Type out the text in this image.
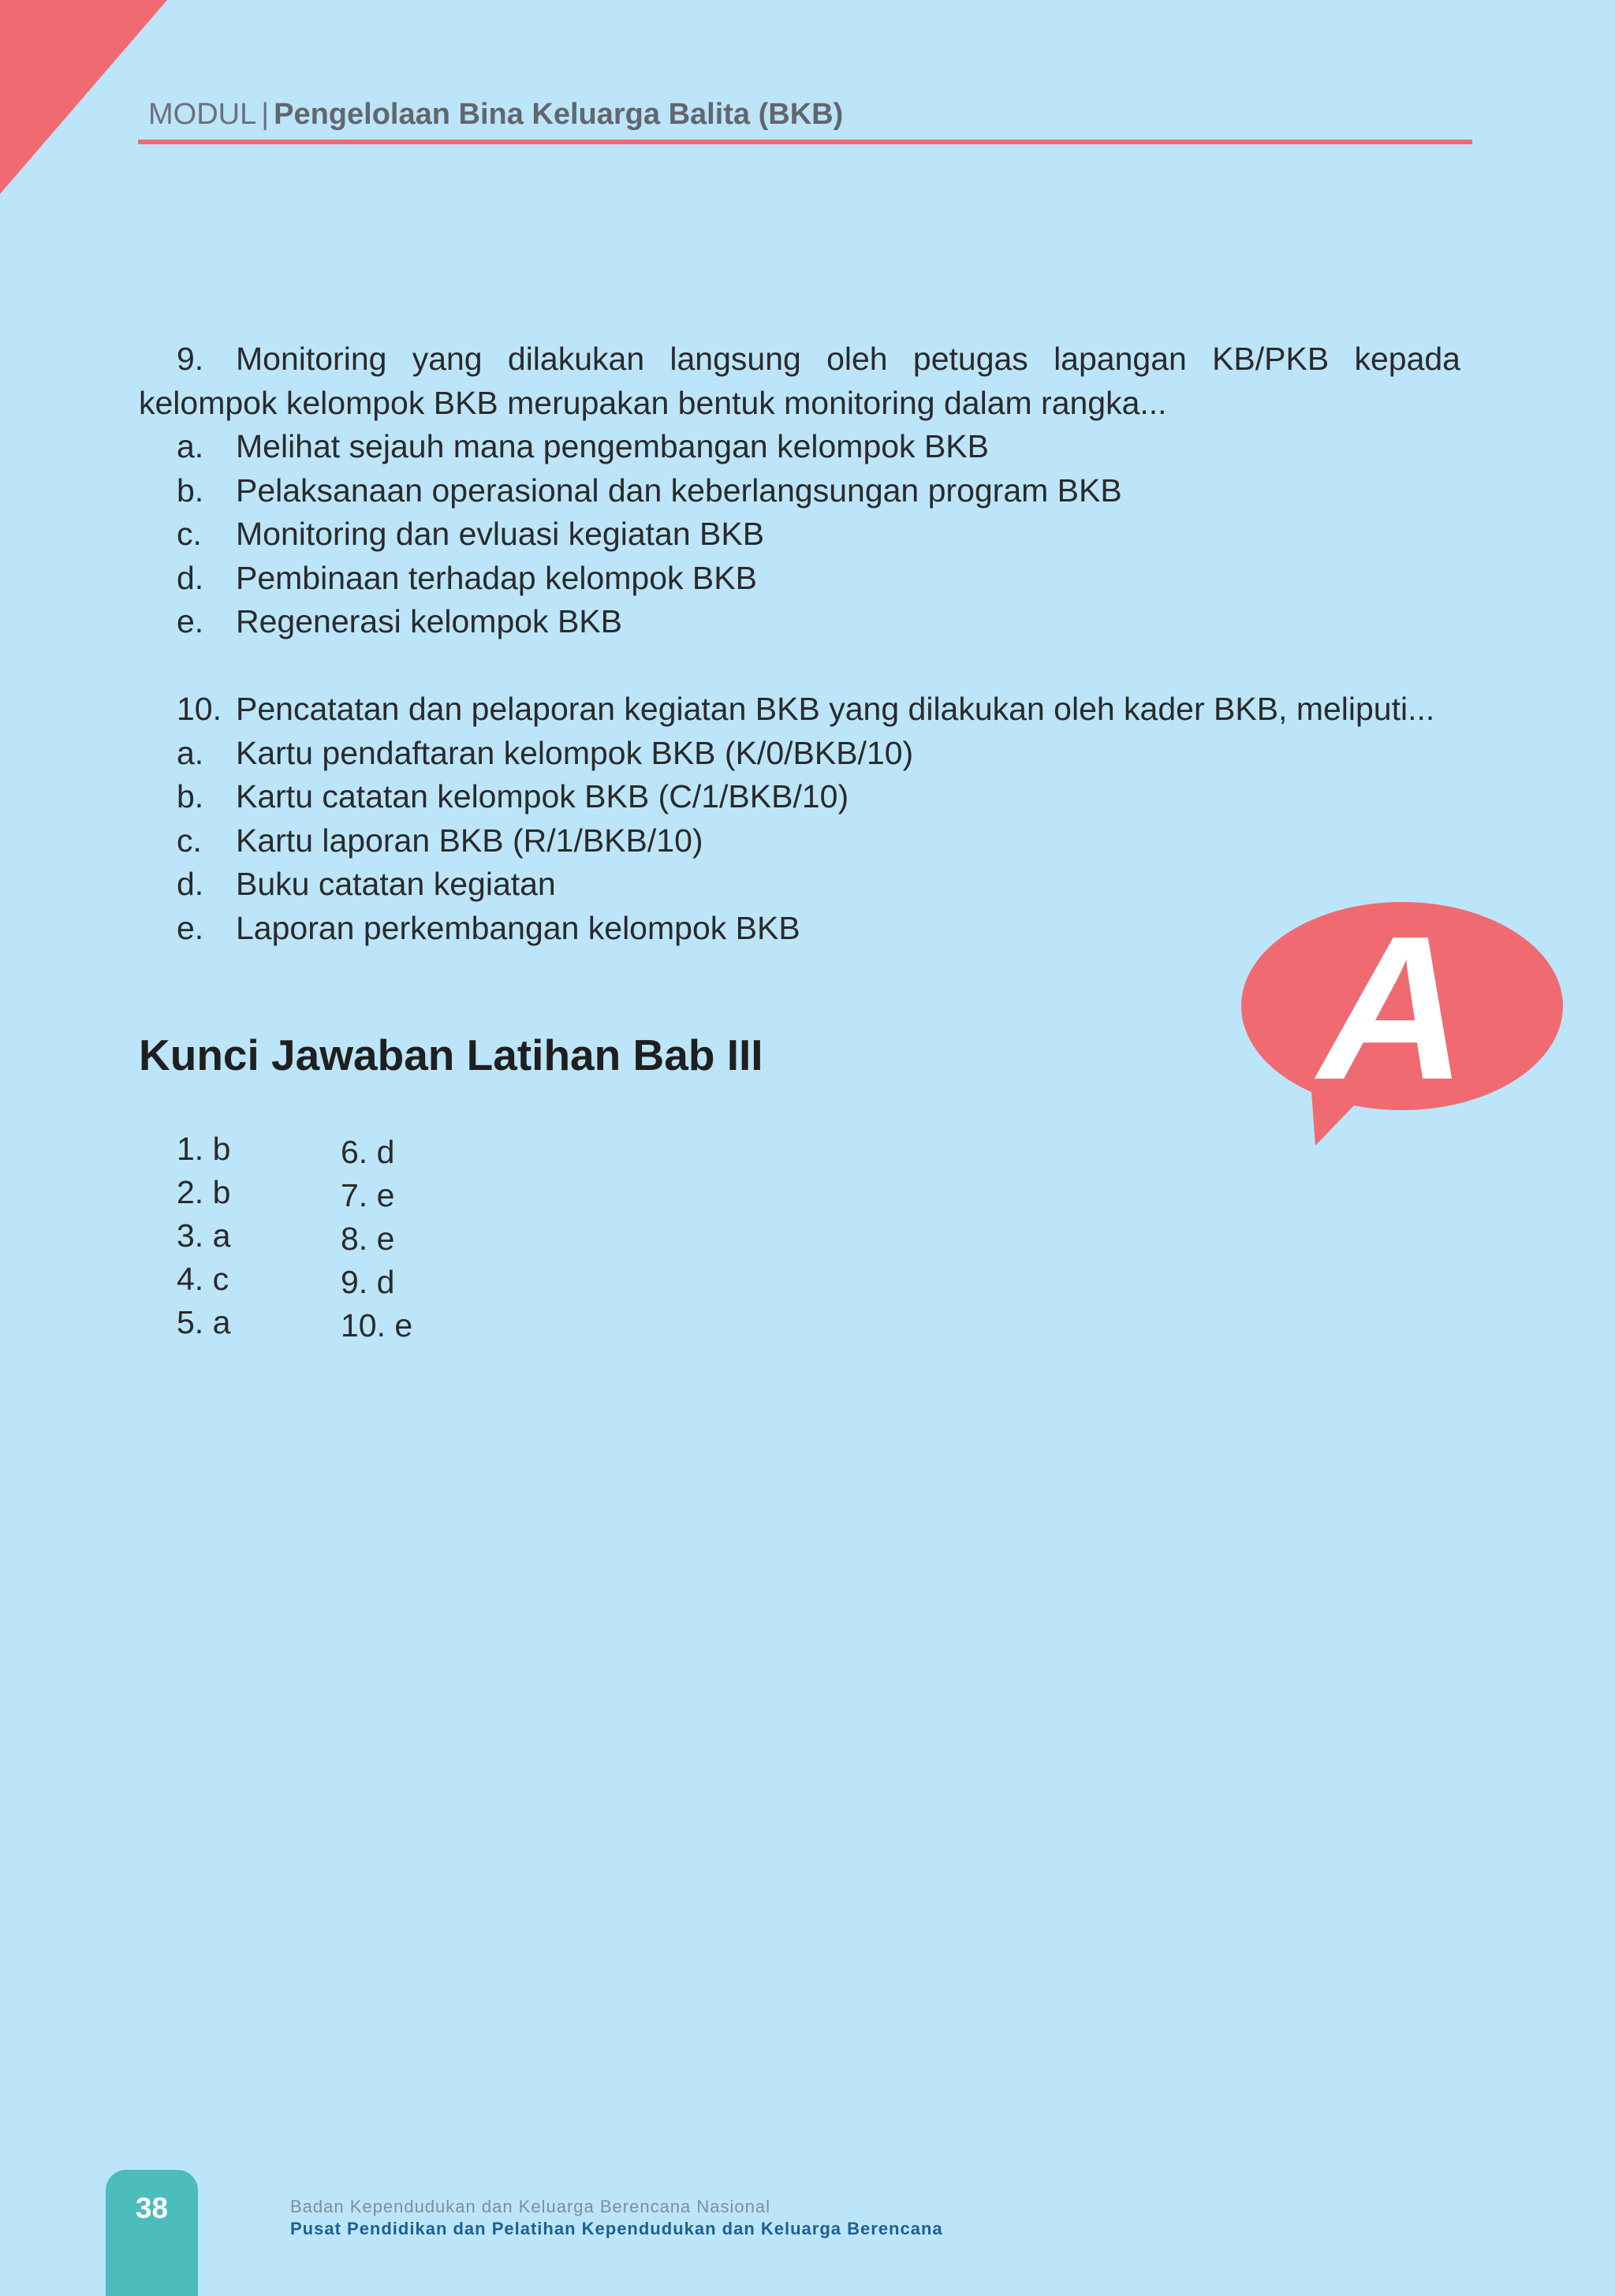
MODUL | Pengelolaan Bina Keluarga Balita (BKB)

9. Monitoring yang dilakukan langsung oleh petugas lapangan KB/PKB kepada kelompok kelompok BKB merupakan bentuk monitoring dalam rangka...

a. Melihat sejauh mana pengembangan kelompok BKB
b. Pelaksanaan operasional dan keberlangsungan program BKB
c.	Monitoring dan evluasi kegiatan BKB
d. Pembinaan terhadap kelompok BKB
e. Regenerasi kelompok BKB

10. Pencatatan dan pelaporan kegiatan BKB yang dilakukan oleh kader BKB, meliputi...

a. Kartu pendaftaran kelompok BKB (K/0/BKB/10)
b. Kartu catatan kelompok BKB (C/1/BKB/10)
c.	Kartu laporan BKB (R/1/BKB/10)
d. Buku catatan kegiatan
e. Laporan perkembangan kelompok BKB
Kunci Jawaban Latihan Bab III
1. b
2. b
3. a
4. c
5. a
6. d
7. e
8. e
9. d
10. e
A
38	Badan Kependudukan dan Keluarga Berencana Nasional
Pusat Pendidikan dan Pelatihan Kependudukan dan Keluarga Berencana
